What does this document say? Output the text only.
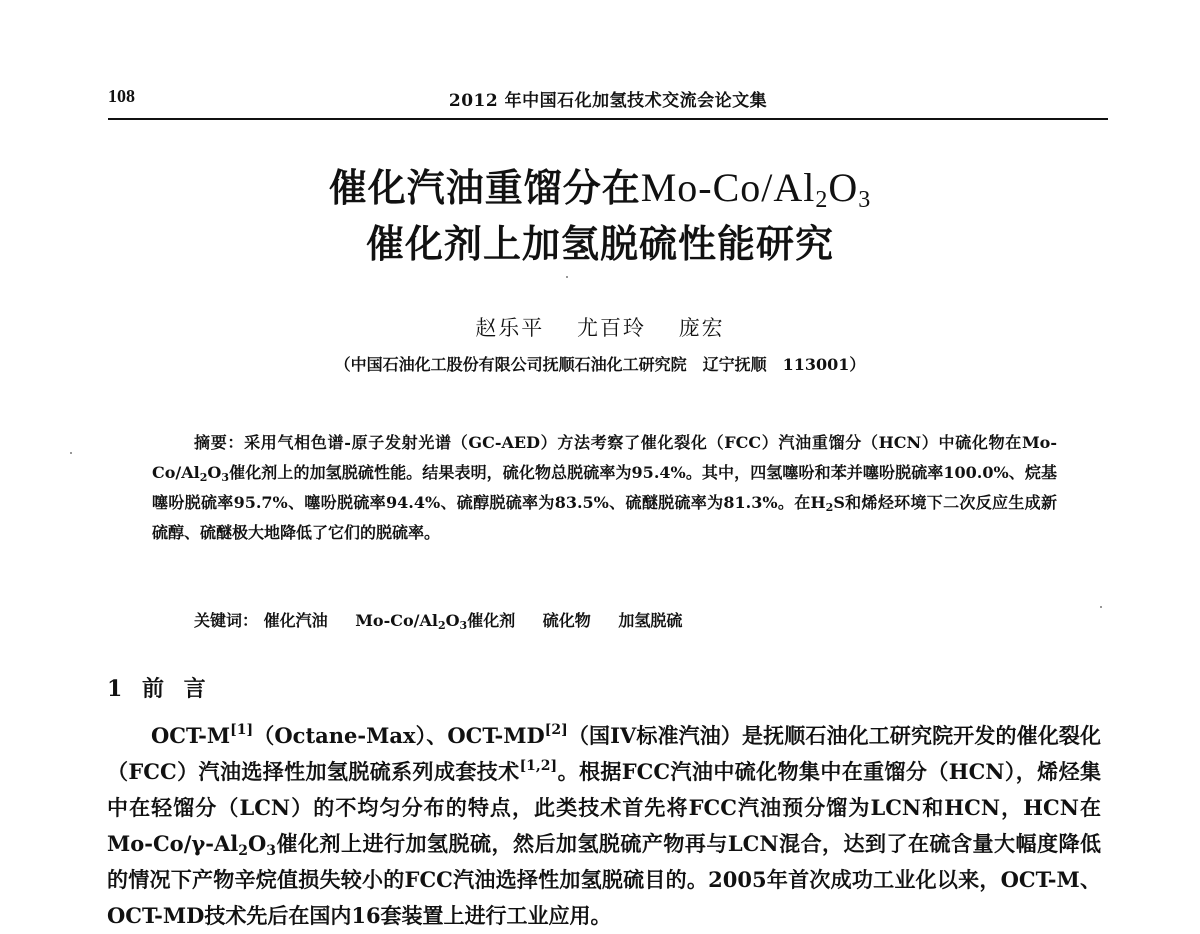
108	2012 年中国石化加氢技术交流会论文集
催化汽油重馏分在$Mo-Co/Al_2O_3$
催化剂上加氢脱硫性能研究
赵乐平 尤百玲 庞宏
（中国石油化工股份有限公司抚顺石油化工研究院　辽宁抚顺　113001）

摘要：采用气相色谱-原子发射光谱（GC-AED）方法考察了催化裂化（FCC）汽油重馏分（HCN）中硫化物在$Mo-Co/Al_2O_3$催化剂上的加氢脱硫性能。结果表明，硫化物总脱硫率为95.4%。其中，四氢噻吩和苯并噻吩脱硫率100.0%、烷基噻吩脱硫率95.7%、噻吩脱硫率94.4%、硫醇脱硫率为83.5%、硫醚脱硫率为81.3%。在$H_2S$和烯烃环境下二次反应生成新硫醇、硫醚极大地降低了它们的脱硫率。

关键词： 催化汽油 $Mo-Co/Al_2O_3$催化剂 硫化物 加氢脱硫
1 前 言

OCT-M[1]（Octane-Max）、OCT-MD[2]（国IV标准汽油）是抚顺石油化工研究院开发的催化裂化（FCC）汽油选择性加氢脱硫系列成套技术[1,2]。根据FCC汽油中硫化物集中在重馏分（HCN），烯烃集中在轻馏分（LCN）的不均匀分布的特点，此类技术首先将FCC汽油预分馏为LCN和HCN，HCN在$Mo-Co/\gamma-Al_2O_3$催化剂上进行加氢脱硫，然后加氢脱硫产物再与LCN混合，达到了在硫含量大幅度降低的情况下产物辛烷值损失较小的FCC汽油选择性加氢脱硫目的。2005年首次成功工业化以来，OCT-M、OCT-MD技术先后在国内16套装置上进行工业应用。
